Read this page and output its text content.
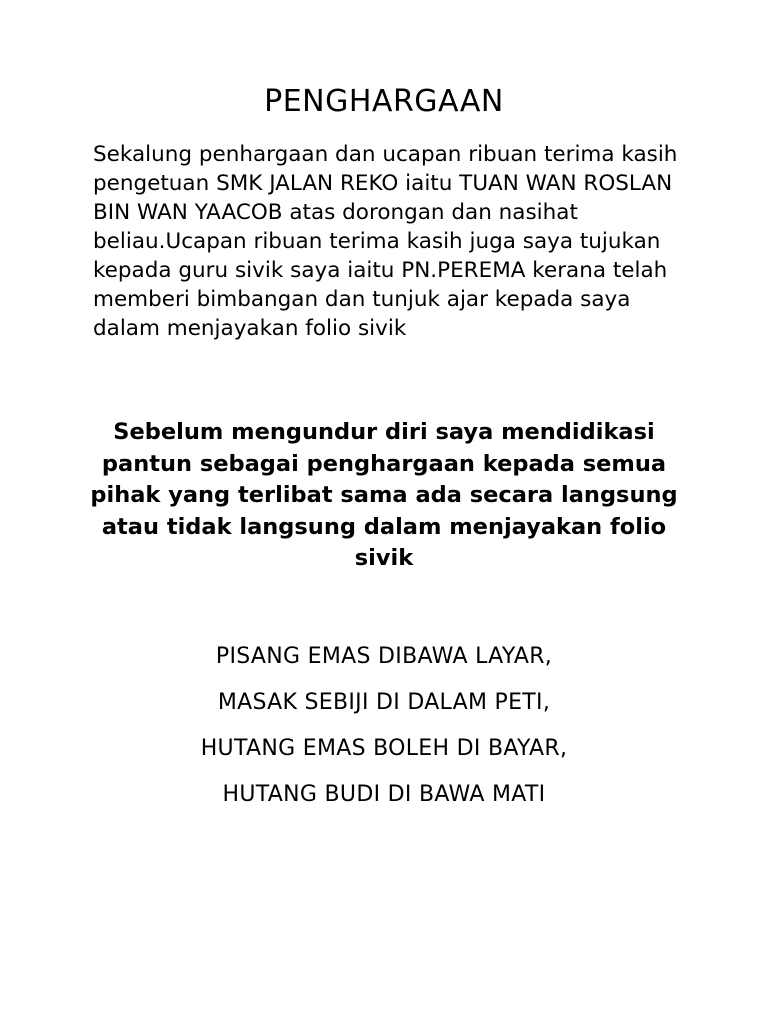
PENGHARGAAN

Sekalung penhargaan dan ucapan ribuan terima kasih pengetuan SMK JALAN REKO iaitu TUAN WAN ROSLAN BIN WAN YAACOB atas dorongan dan nasihat beliau.Ucapan ribuan terima kasih juga saya tujukan kepada guru sivik saya iaitu PN.PEREMA kerana telah memberi bimbangan dan tunjuk ajar kepada saya dalam menjayakan folio sivik

Sebelum mengundur diri saya mendidikasi pantun sebagai penghargaan kepada semua pihak yang terlibat sama ada secara langsung atau tidak langsung dalam menjayakan folio sivik

PISANG EMAS DIBAWA LAYAR,
MASAK SEBIJI DI DALAM PETI,
HUTANG EMAS BOLEH DI BAYAR,
HUTANG BUDI DI BAWA MATI
